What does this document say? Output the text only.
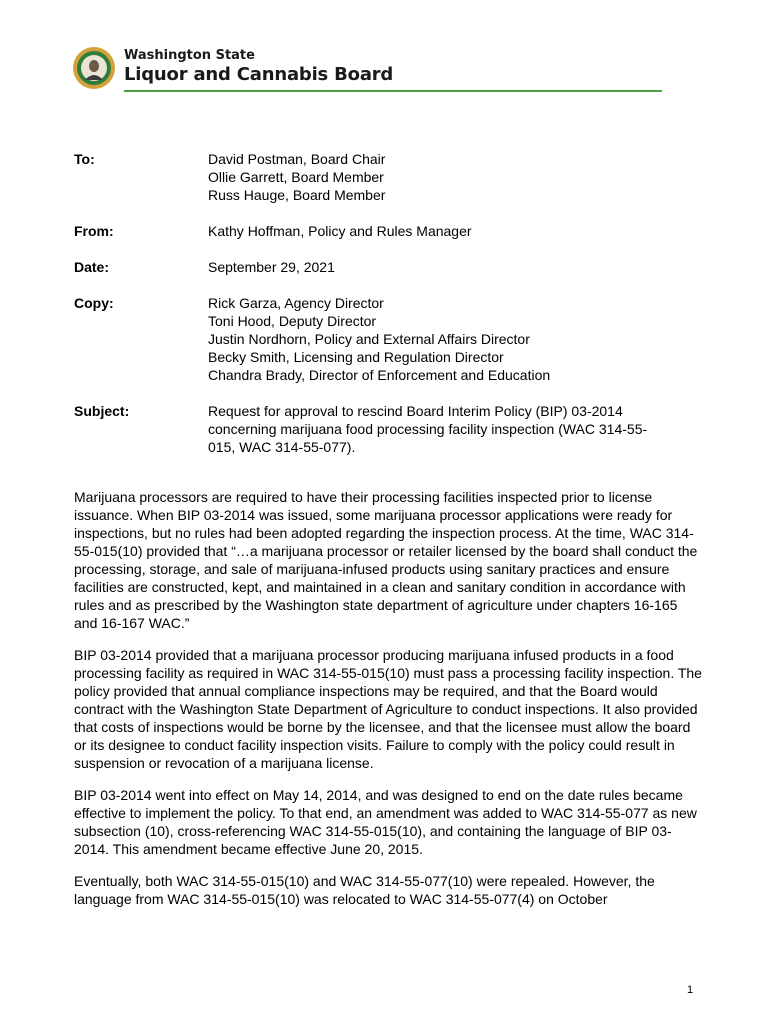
Washington State
Liquor and Cannabis Board
To:	David Postman, Board Chair
Ollie Garrett, Board Member
Russ Hauge, Board Member
From:	Kathy Hoffman, Policy and Rules Manager
Date:	September 29, 2021
Copy:	Rick Garza, Agency Director
Toni Hood, Deputy Director
Justin Nordhorn, Policy and External Affairs Director
Becky Smith, Licensing and Regulation Director
Chandra Brady, Director of Enforcement and Education
Subject:	Request for approval to rescind Board Interim Policy (BIP) 03-2014
concerning marijuana food processing facility inspection (WAC 314-55-
015, WAC 314-55-077).

Marijuana processors are required to have their processing facilities inspected prior to license issuance. When BIP 03-2014 was issued, some marijuana processor applications were ready for inspections, but no rules had been adopted regarding the inspection process. At the time, WAC 314-55-015(10) provided that “…a marijuana processor or retailer licensed by the board shall conduct the processing, storage, and sale of marijuana-infused products using sanitary practices and ensure facilities are constructed, kept, and maintained in a clean and sanitary condition in accordance with rules and as prescribed by the Washington state department of agriculture under chapters 16-165 and 16-167 WAC.”

BIP 03-2014 provided that a marijuana processor producing marijuana infused products in a food processing facility as required in WAC 314-55-015(10) must pass a processing facility inspection. The policy provided that annual compliance inspections may be required, and that the Board would contract with the Washington State Department of Agriculture to conduct inspections. It also provided that costs of inspections would be borne by the licensee, and that the licensee must allow the board or its designee to conduct facility inspection visits. Failure to comply with the policy could result in suspension or revocation of a marijuana license.

BIP 03-2014 went into effect on May 14, 2014, and was designed to end on the date rules became effective to implement the policy. To that end, an amendment was added to WAC 314-55-077 as new subsection (10), cross-referencing WAC 314-55-015(10), and containing the language of BIP 03-2014. This amendment became effective June 20, 2015.

Eventually, both WAC 314-55-015(10) and WAC 314-55-077(10) were repealed. However, the language from WAC 314-55-015(10) was relocated to WAC 314-55-077(4) on October

1
